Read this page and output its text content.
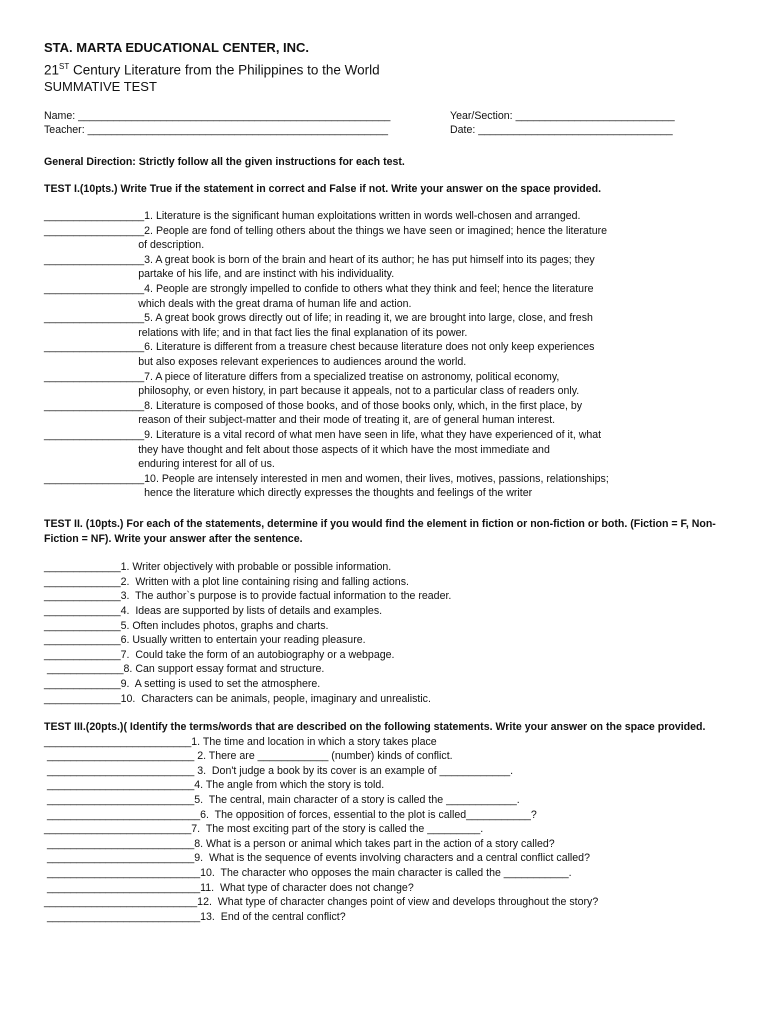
STA. MARTA EDUCATIONAL CENTER, INC.

21ST Century Literature from the Philippines to the World

SUMMATIVE TEST

Name: _____________________________________________________	Year/Section: ___________________________
Teacher: ___________________________________________________	Date: _________________________________

General Direction: Strictly follow all the given instructions for each test.

TEST I.(10pts.) Write True if the statement in correct and False if not. Write your answer on the space provided.

_________________1. Literature is the significant human exploitations written in words well-chosen and arranged.

_________________2. People are fond of telling others about the things we have seen or imagined; hence the literature
of description.

_________________3. A great book is born of the brain and heart of its author; he has put himself into its pages; they
partake of his life, and are instinct with his individuality.

_________________4. People are strongly impelled to confide to others what they think and feel; hence the literature
which deals with the great drama of human life and action.

_________________5. A great book grows directly out of life; in reading it, we are brought into large, close, and fresh
relations with life; and in that fact lies the final explanation of its power.

_________________6. Literature is different from a treasure chest because literature does not only keep experiences
but also exposes relevant experiences to audiences around the world.

_________________7. A piece of literature differs from a specialized treatise on astronomy, political economy,
philosophy, or even history, in part because it appeals, not to a particular class of readers only.

_________________8. Literature is composed of those books, and of those books only, which, in the first place, by
reason of their subject-matter and their mode of treating it, are of general human interest.

_________________9. Literature is a vital record of what men have seen in life, what they have experienced of it, what
they have thought and felt about those aspects of it which have the most immediate and
enduring interest for all of us.

_________________10. People are intensely interested in men and women, their lives, motives, passions, relationships;
hence the literature which directly expresses the thoughts and feelings of the writer

TEST II. (10pts.) For each of the statements, determine if you would find the element in fiction or non-fiction or both. (Fiction = F, Non-Fiction = NF). Write your answer after the sentence.

_____________1. Writer objectively with probable or possible information.

_____________2.  Written with a plot line containing rising and falling actions.

_____________3.  The author`s purpose is to provide factual information to the reader.

_____________4.  Ideas are supported by lists of details and examples.

_____________5. Often includes photos, graphs and charts.

_____________6. Usually written to entertain your reading pleasure.

_____________7.  Could take the form of an autobiography or a webpage.

_____________8. Can support essay format and structure.

_____________9.  A setting is used to set the atmosphere.

_____________10.  Characters can be animals, people, imaginary and unrealistic.

TEST III.(20pts.)( Identify the terms/words that are described on the following statements. Write your answer on the space provided.

_________________________1. The time and location in which a story takes place

_________________________ 2. There are ____________ (number) kinds of conflict.

_________________________ 3.  Don't judge a book by its cover is an example of ____________.

_________________________4. The angle from which the story is told.

_________________________5.  The central, main character of a story is called the ____________.

__________________________6.  The opposition of forces, essential to the plot is called___________?

_________________________7.  The most exciting part of the story is called the _________.

_________________________8. What is a person or animal which takes part in the action of a story called?

_________________________9.  What is the sequence of events involving characters and a central conflict called?

__________________________10.  The character who opposes the main character is called the ___________.

__________________________11.  What type of character does not change?

__________________________12.  What type of character changes point of view and develops throughout the story?

__________________________13.  End of the central conflict?
